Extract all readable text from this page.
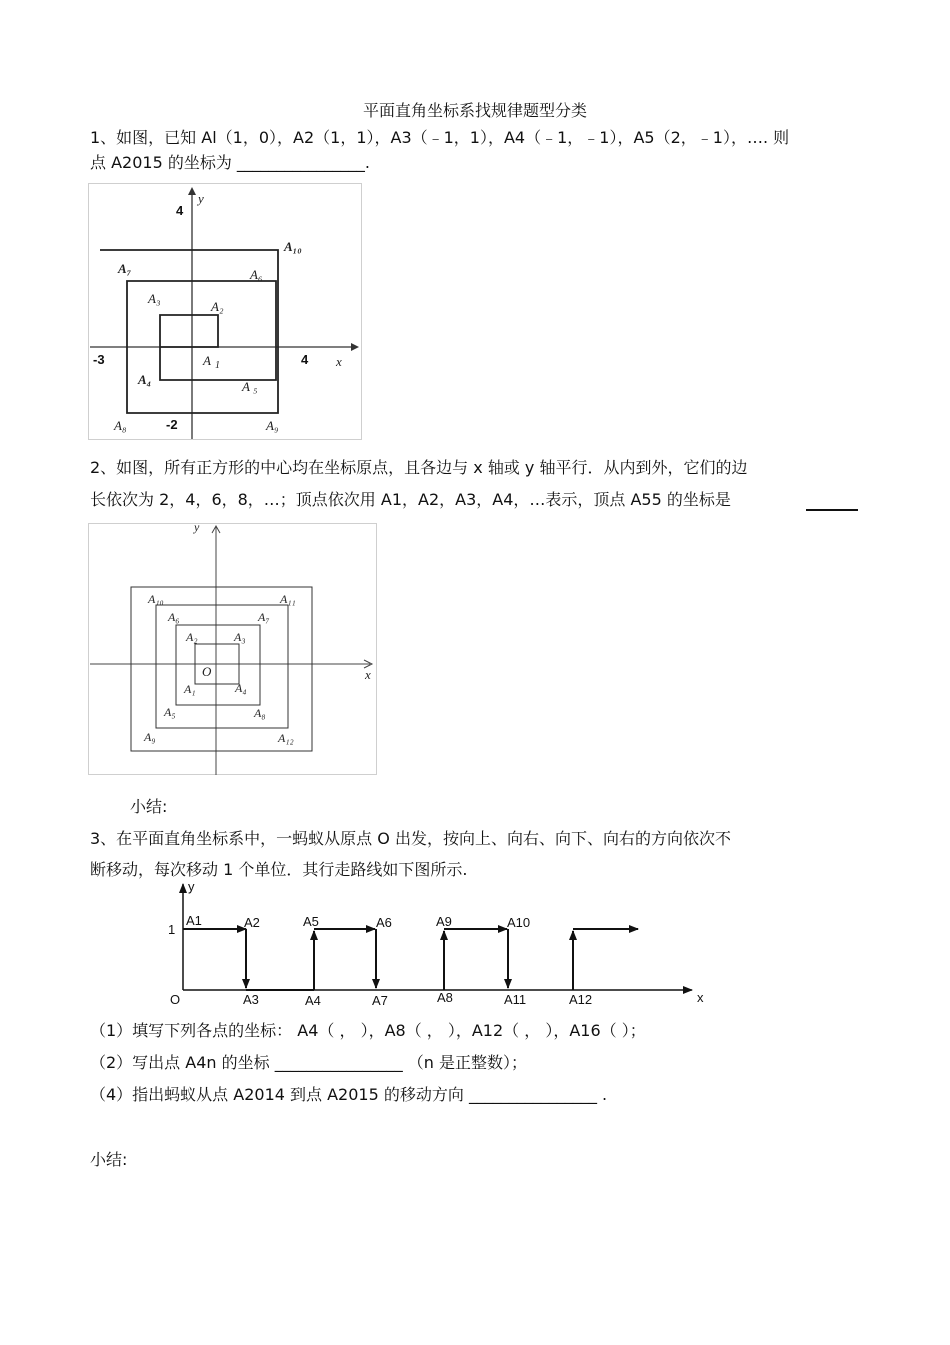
平面直角坐标系找规律题型分类
1、如图，已知 Al（1，0），A2（1，1），A3（﹣1，1），A4（﹣1，﹣1），A5（2，﹣1），…. 则
点 A2015 的坐标为 ________________.
y
4
x
4
-3
-2
A 1
A₂
A₃
A₄	A ₅
A₆
A₇
A₈	A₉
A₁₀
2、如图，所有正方形的中心均在坐标原点，且各边与 x 轴或 y 轴平行．从内到外，它们的边
长依次为 2，4，6，8，…；顶点依次用 A1，A2，A3，A4，…表示，顶点 A55 的坐标是
y
x
O
A₁
A₂	A₃
A₄
A₅
A₆	A₇
A₈
A₉
A₁₀	A₁₁
A₁₂
小结:
3、在平面直角坐标系中，一蚂蚁从原点 O 出发，按向上、向右、向下、向右的方向依次不
断移动，每次移动 1 个单位．其行走路线如下图所示.
y
x
O
1
A1	A2	A5	A6	A9	A10
A3	A4	A7	A8	A11	A12
（1）填写下列各点的坐标： A4（ ， ），A8（ ， ），A12（ ， ），A16（ ）；
（2）写出点 A4n 的坐标 ________________ （n 是正整数）；
（4）指出蚂蚁从点 A2014 到点 A2015 的移动方向 ________________ .
小结:
